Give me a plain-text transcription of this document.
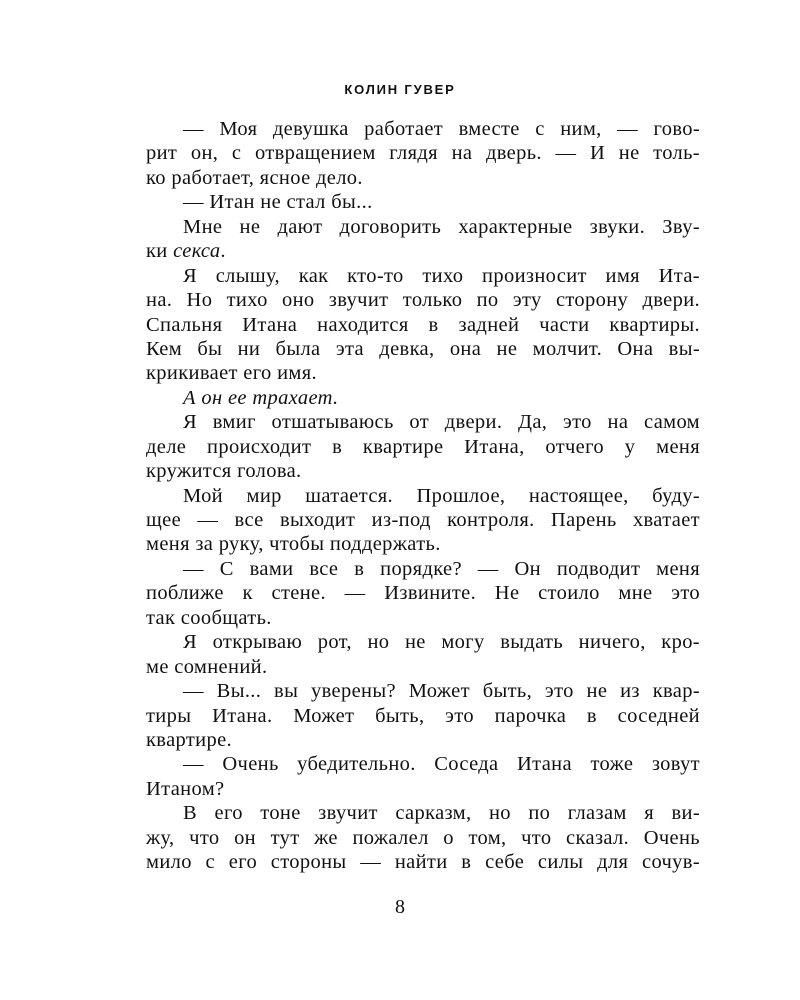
КОЛИН ГУВЕР
— Моя девушка работает вместе с ним, — гово-
рит он, с отвращением глядя на дверь. — И не толь-
ко работает, ясное дело.
— Итан не стал бы...
Мне не дают договорить характерные звуки. Зву-
ки секса.
Я слышу, как кто-то тихо произносит имя Ита-
на. Но тихо оно звучит только по эту сторону двери.
Спальня Итана находится в задней части квартиры.
Кем бы ни была эта девка, она не молчит. Она вы-
крикивает его имя.
А он ее трахает.
Я вмиг отшатываюсь от двери. Да, это на самом
деле происходит в квартире Итана, отчего у меня
кружится голова.
Мой мир шатается. Прошлое, настоящее, буду-
щее — все выходит из-под контроля. Парень хватает
меня за руку, чтобы поддержать.
— С вами все в порядке? — Он подводит меня
поближе к стене. — Извините. Не стоило мне это
так сообщать.
Я открываю рот, но не могу выдать ничего, кро-
ме сомнений.
— Вы... вы уверены? Может быть, это не из квар-
тиры Итана. Может быть, это парочка в соседней
квартире.
— Очень убедительно. Соседа Итана тоже зовут
Итаном?
В его тоне звучит сарказм, но по глазам я ви-
жу, что он тут же пожалел о том, что сказал. Очень
мило с его стороны — найти в себе силы для сочув-
8
